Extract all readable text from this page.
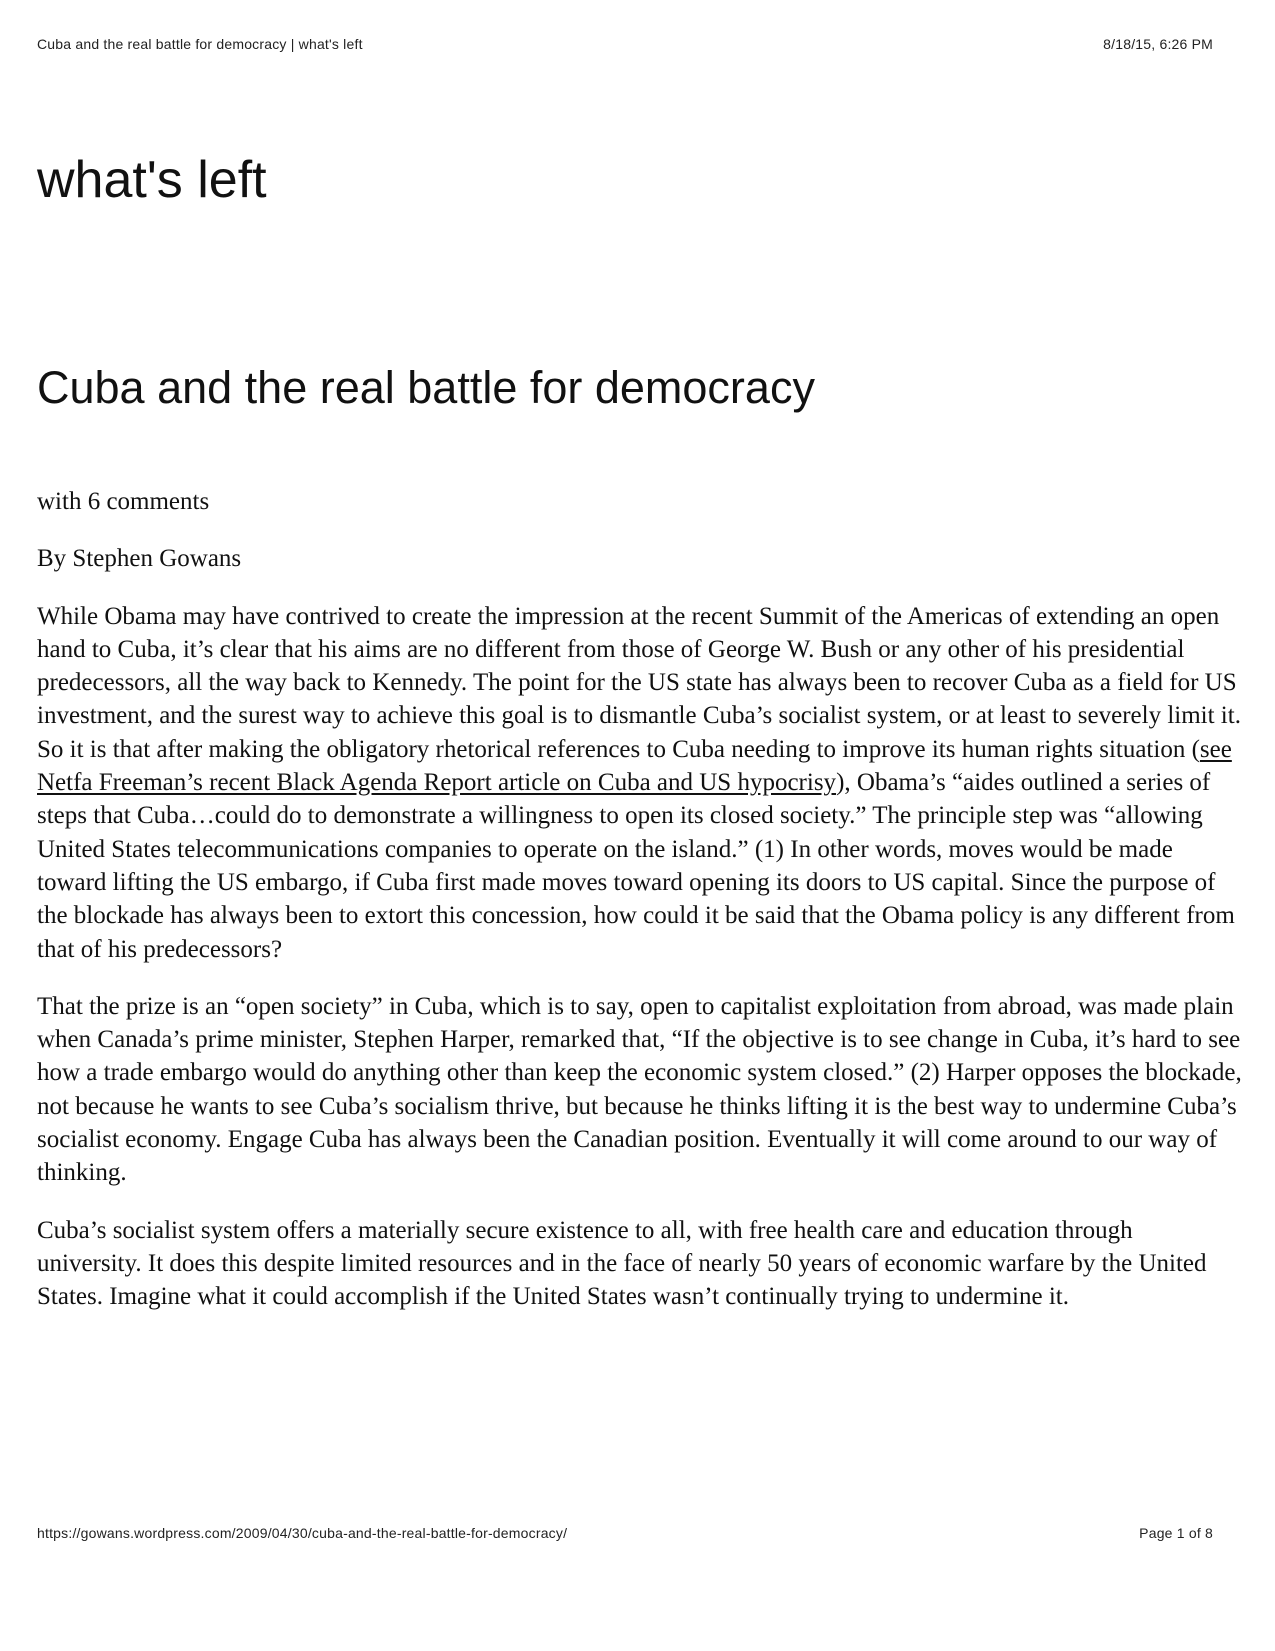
Cuba and the real battle for democracy | what's left	8/18/15, 6:26 PM
what's left
Cuba and the real battle for democracy

with 6 comments

By Stephen Gowans

While Obama may have contrived to create the impression at the recent Summit of the Americas of extending an open hand to Cuba, it’s clear that his aims are no different from those of George W. Bush or any other of his presidential predecessors, all the way back to Kennedy. The point for the US state has always been to recover Cuba as a field for US investment, and the surest way to achieve this goal is to dismantle Cuba’s socialist system, or at least to severely limit it. So it is that after making the obligatory rhetorical references to Cuba needing to improve its human rights situation (see Netfa Freeman’s recent Black Agenda Report article on Cuba and US hypocrisy), Obama’s “aides outlined a series of steps that Cuba…could do to demonstrate a willingness to open its closed society.” The principle step was “allowing United States telecommunications companies to operate on the island.” (1) In other words, moves would be made toward lifting the US embargo, if Cuba first made moves toward opening its doors to US capital. Since the purpose of the blockade has always been to extort this concession, how could it be said that the Obama policy is any different from that of his predecessors?

That the prize is an “open society” in Cuba, which is to say, open to capitalist exploitation from abroad, was made plain when Canada’s prime minister, Stephen Harper, remarked that, “If the objective is to see change in Cuba, it’s hard to see how a trade embargo would do anything other than keep the economic system closed.” (2) Harper opposes the blockade, not because he wants to see Cuba’s socialism thrive, but because he thinks lifting it is the best way to undermine Cuba’s socialist economy. Engage Cuba has always been the Canadian position. Eventually it will come around to our way of thinking.

Cuba’s socialist system offers a materially secure existence to all, with free health care and education through university. It does this despite limited resources and in the face of nearly 50 years of economic warfare by the United States. Imagine what it could accomplish if the United States wasn’t continually trying to undermine it.

https://gowans.wordpress.com/2009/04/30/cuba-and-the-real-battle-for-democracy/	Page 1 of 8
